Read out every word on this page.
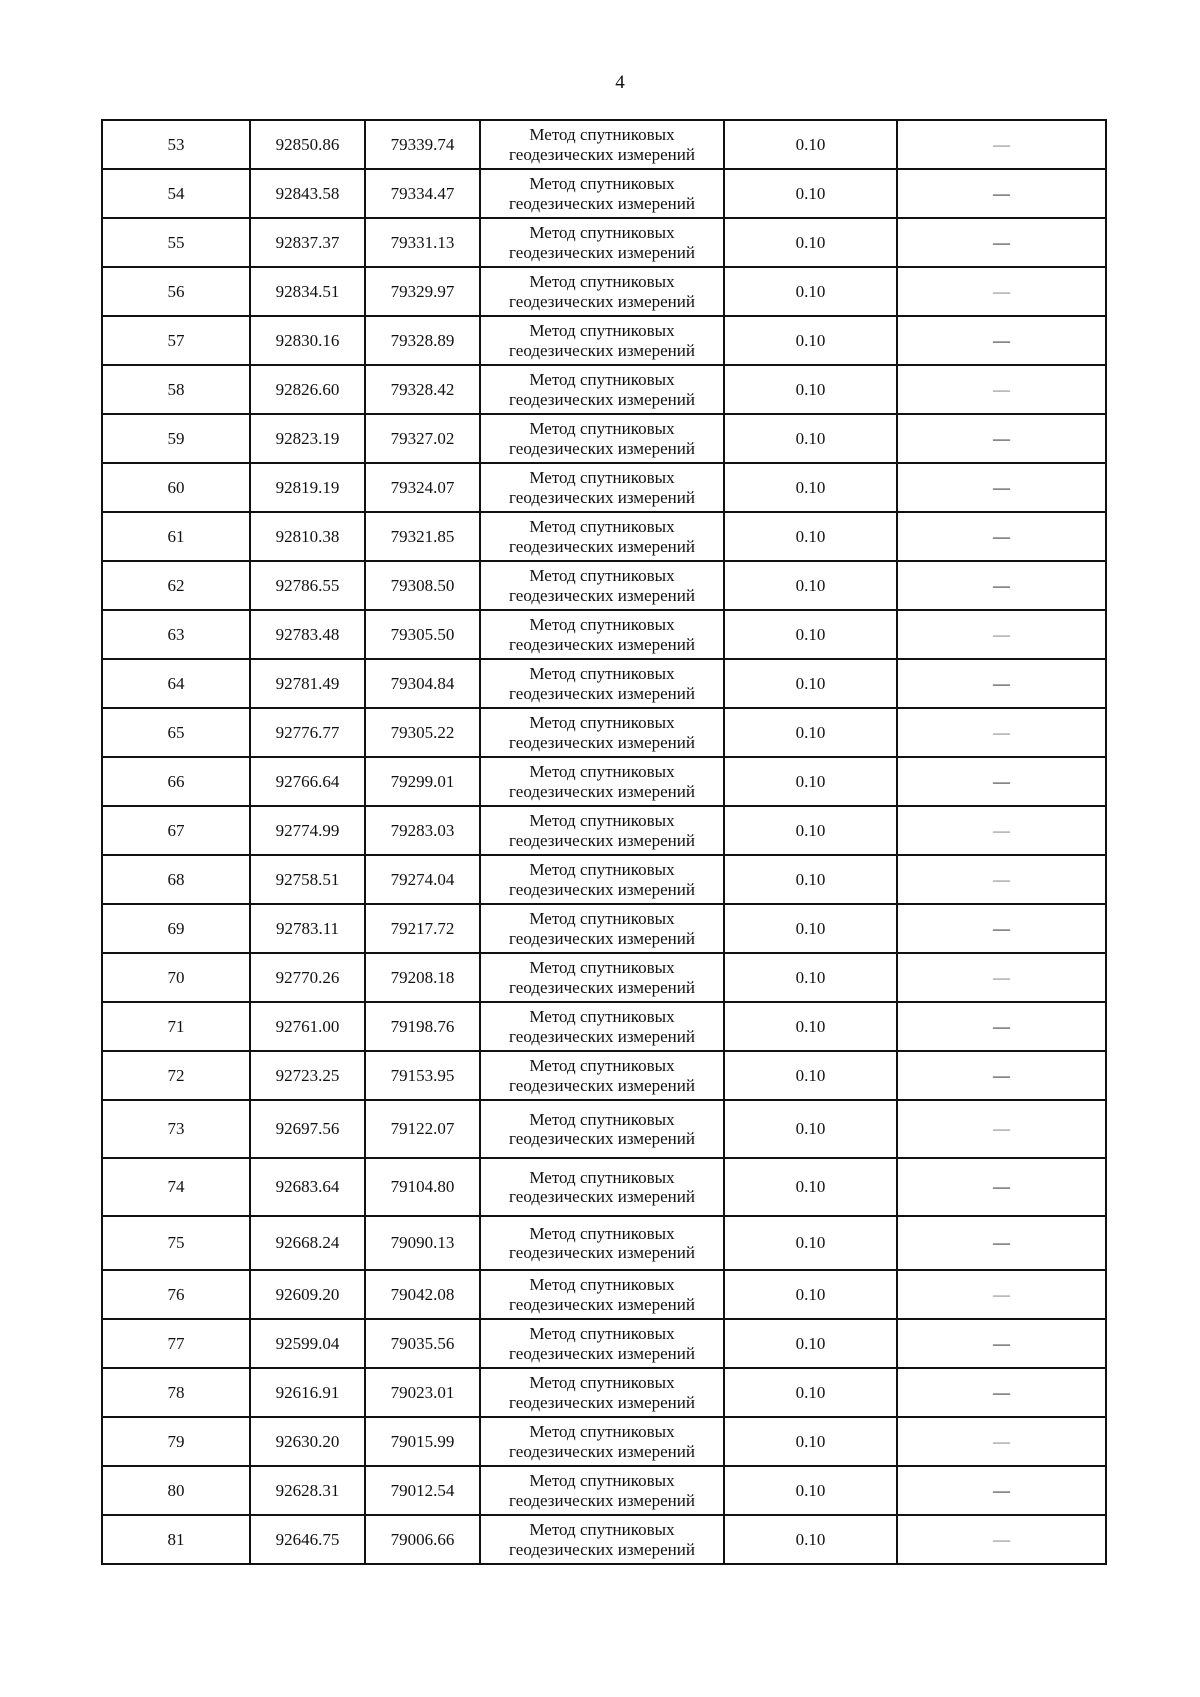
4
53	92850.86	79339.74	Метод спутниковых
геодезических измерений	0.10	—
54	92843.58	79334.47	Метод спутниковых
геодезических измерений	0.10	—
55	92837.37	79331.13	Метод спутниковых
геодезических измерений	0.10	—
56	92834.51	79329.97	Метод спутниковых
геодезических измерений	0.10	—
57	92830.16	79328.89	Метод спутниковых
геодезических измерений	0.10	—
58	92826.60	79328.42	Метод спутниковых
геодезических измерений	0.10	—
59	92823.19	79327.02	Метод спутниковых
геодезических измерений	0.10	—
60	92819.19	79324.07	Метод спутниковых
геодезических измерений	0.10	—
61	92810.38	79321.85	Метод спутниковых
геодезических измерений	0.10	—
62	92786.55	79308.50	Метод спутниковых
геодезических измерений	0.10	—
63	92783.48	79305.50	Метод спутниковых
геодезических измерений	0.10	—
64	92781.49	79304.84	Метод спутниковых
геодезических измерений	0.10	—
65	92776.77	79305.22	Метод спутниковых
геодезических измерений	0.10	—
66	92766.64	79299.01	Метод спутниковых
геодезических измерений	0.10	—
67	92774.99	79283.03	Метод спутниковых
геодезических измерений	0.10	—
68	92758.51	79274.04	Метод спутниковых
геодезических измерений	0.10	—
69	92783.11	79217.72	Метод спутниковых
геодезических измерений	0.10	—
70	92770.26	79208.18	Метод спутниковых
геодезических измерений	0.10	—
71	92761.00	79198.76	Метод спутниковых
геодезических измерений	0.10	—
72	92723.25	79153.95	Метод спутниковых
геодезических измерений	0.10	—
73	92697.56	79122.07	Метод спутниковых
геодезических измерений	0.10	—
74	92683.64	79104.80	Метод спутниковых
геодезических измерений	0.10	—
75	92668.24	79090.13	Метод спутниковых
геодезических измерений	0.10	—
76	92609.20	79042.08	Метод спутниковых
геодезических измерений	0.10	—
77	92599.04	79035.56	Метод спутниковых
геодезических измерений	0.10	—
78	92616.91	79023.01	Метод спутниковых
геодезических измерений	0.10	—
79	92630.20	79015.99	Метод спутниковых
геодезических измерений	0.10	—
80	92628.31	79012.54	Метод спутниковых
геодезических измерений	0.10	—
81	92646.75	79006.66	Метод спутниковых
геодезических измерений	0.10	—
